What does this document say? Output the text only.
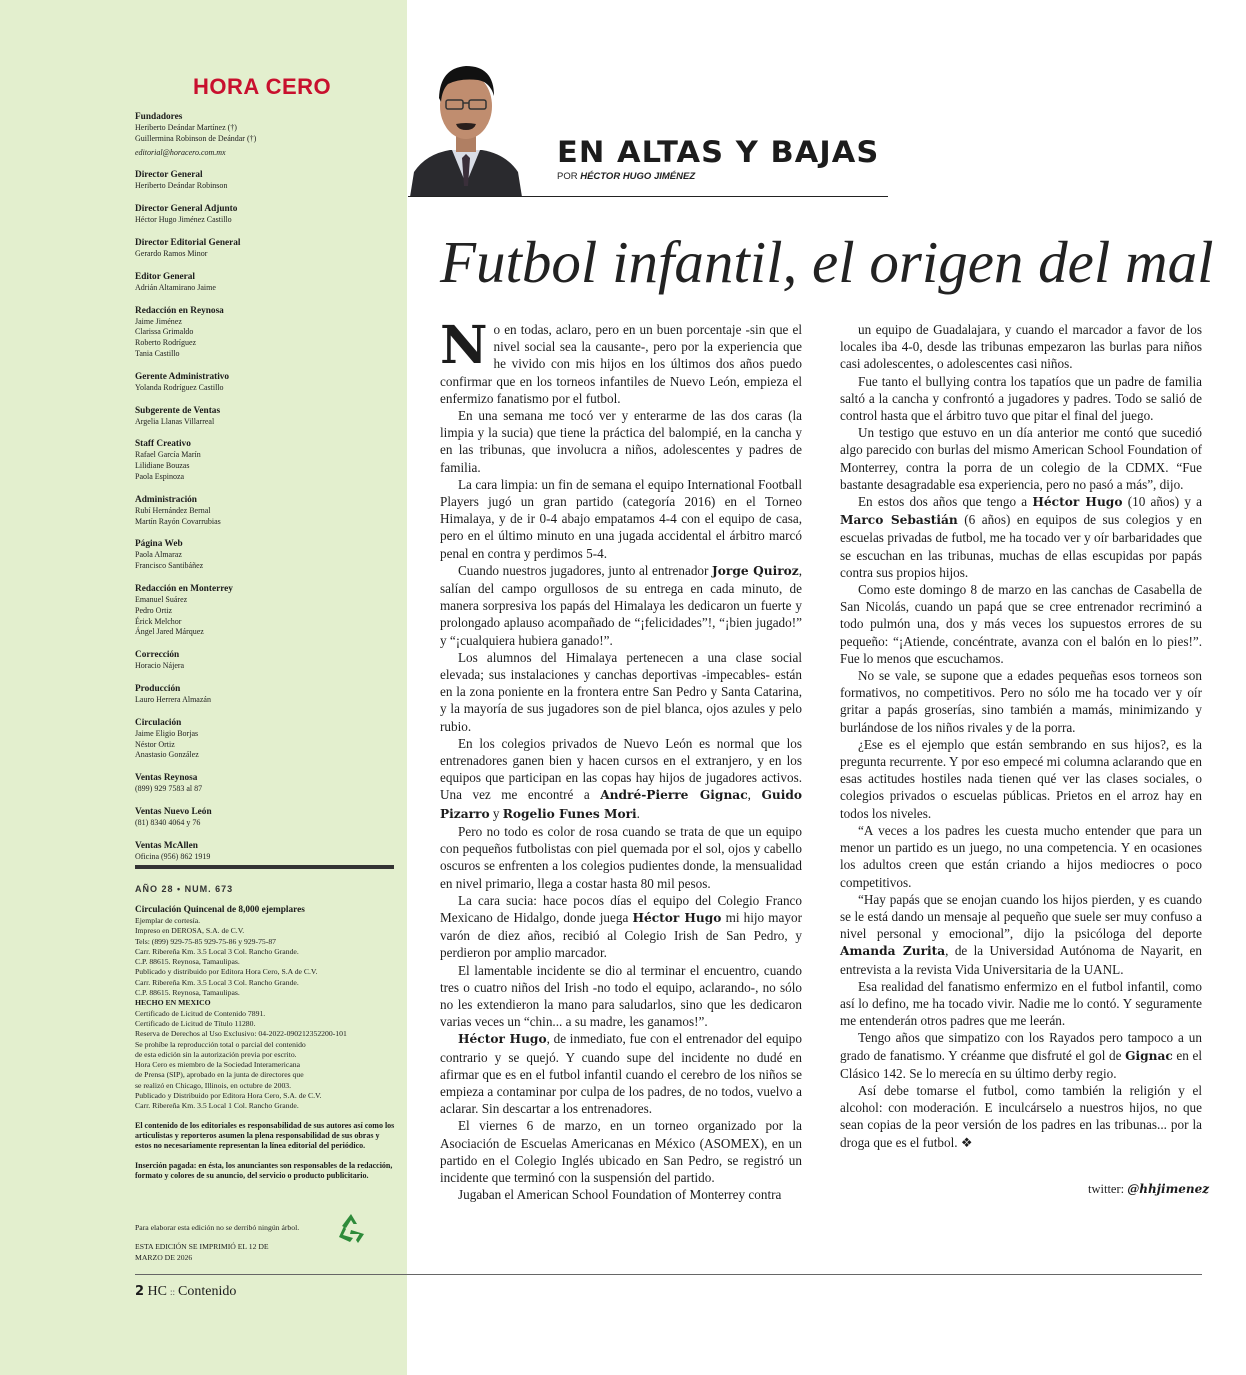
HORA CERO
Fundadores
Heriberto Deándar Martínez (†)
Guillermina Robinson de Deándar (†)
editorial@horacero.com.mx
Director General
Heriberto Deándar Robinson
Director General Adjunto
Héctor Hugo Jiménez Castillo
Director Editorial General
Gerardo Ramos Minor
Editor General
Adrián Altamirano Jaime
Redacción en Reynosa
Jaime Jiménez
Clarissa Grimaldo
Roberto Rodríguez
Tania Castillo
Gerente Administrativo
Yolanda Rodríguez Castillo
Subgerente de Ventas
Argelia Llanas Villarreal
Staff Creativo
Rafael García Marín
Lilidiane Bouzas
Paola Espinoza
Administración
Rubí Hernández Bernal
Martín Rayón Covarrubias
Página Web
Paola Almaraz
Francisco Santibáñez
Redacción en Monterrey
Emanuel Suárez
Pedro Ortiz
Érick Melchor
Ángel Jared Márquez
Corrección
Horacio Nájera
Producción
Lauro Herrera Almazán
Circulación
Jaime Eligio Borjas
Néstor Ortiz
Anastasio González
Ventas Reynosa
(899) 929 7583 al 87
Ventas Nuevo León
(81) 8340 4064 y 76
Ventas McAllen
Oficina (956) 862 1919
AÑO 28 • NUM. 673
Circulación Quincenal de 8,000 ejemplares
Ejemplar de cortesía.
Impreso en DEROSA, S.A. de C.V.
Tels: (899) 929-75-85 929-75-86 y 929-75-87
Carr. Ribereña Km. 3.5 Local 3 Col. Rancho Grande.
C.P. 88615. Reynosa, Tamaulipas.
Publicado y distribuido por Editora Hora Cero, S.A de C.V.
Carr. Ribereña Km. 3.5 Local 3 Col. Rancho Grande.
C.P. 88615. Reynosa, Tamaulipas.
HECHO EN MEXICO
Certificado de Licitud de Contenido 7891.
Certificado de Licitud de Título 11280.
Reserva de Derechos al Uso Exclusivo: 04-2022-090212352200-101
Se prohíbe la reproducción total o parcial del contenido
de esta edición sin la autorización previa por escrito.
Hora Cero es miembro de la Sociedad Interamericana
de Prensa (SIP), aprobado en la junta de directores que
se realizó en Chicago, Illinois, en octubre de 2003.
Publicado y Distribuido por Editora Hora Cero, S.A. de C.V.
Carr. Ribereña Km. 3.5 Local 1 Col. Rancho Grande.
El contenido de los editoriales es responsabilidad de sus autores así como los articulistas y reporteros asumen la plena responsabilidad de sus obras y estos no necesariamente representan la línea editorial del periódico.
Inserción pagada: en ésta, los anunciantes son responsables de la redacción, formato y colores de su anuncio, del servicio o producto publicitario.
Para elaborar esta edición no se derribó ningún árbol.
ESTA EDICIÓN SE IMPRIMIÓ EL 12 DE MARZO DE 2026
EN ALTAS Y BAJAS
POR HÉCTOR HUGO JIMÉNEZ
Futbol infantil, el origen del mal

No en todas, aclaro, pero en un buen porcentaje -sin que el nivel social sea la causante-, pero por la experiencia que he vivido con mis hijos en los últimos dos años puedo confirmar que en los torneos infantiles de Nuevo León, empieza el enfermizo fanatismo por el futbol.

En una semana me tocó ver y enterarme de las dos caras (la limpia y la sucia) que tiene la práctica del balompié, en la cancha y en las tribunas, que involucra a niños, adolescentes y padres de familia.

La cara limpia: un fin de semana el equipo International Football Players jugó un gran partido (categoría 2016) en el Torneo Himalaya, y de ir 0-4 abajo empatamos 4-4 con el equipo de casa, pero en el último minuto en una jugada accidental el árbitro marcó penal en contra y perdimos 5-4.

Cuando nuestros jugadores, junto al entrenador Jorge Quiroz, salían del campo orgullosos de su entrega en cada minuto, de manera sorpresiva los papás del Himalaya les dedicaron un fuerte y prolongado aplauso acompañado de “¡felicidades”!, “¡bien jugado!” y “¡cualquiera hubiera ganado!”.

Los alumnos del Himalaya pertenecen a una clase social elevada; sus instalaciones y canchas deportivas -impecables- están en la zona poniente en la frontera entre San Pedro y Santa Catarina, y la mayoría de sus jugadores son de piel blanca, ojos azules y pelo rubio.

En los colegios privados de Nuevo León es normal que los entrenadores ganen bien y hacen cursos en el extranjero, y en los equipos que participan en las copas hay hijos de jugadores activos. Una vez me encontré a André-Pierre Gignac, Guido Pizarro y Rogelio Funes Mori.

Pero no todo es color de rosa cuando se trata de que un equipo con pequeños futbolistas con piel quemada por el sol, ojos y cabello oscuros se enfrenten a los colegios pudientes donde, la mensualidad en nivel primario, llega a costar hasta 80 mil pesos.

La cara sucia: hace pocos días el equipo del Colegio Franco Mexicano de Hidalgo, donde juega Héctor Hugo mi hijo mayor varón de diez años, recibió al Colegio Irish de San Pedro, y perdieron por amplio marcador.

El lamentable incidente se dio al terminar el encuentro, cuando tres o cuatro niños del Irish -no todo el equipo, aclarando-, no sólo no les extendieron la mano para saludarlos, sino que les dedicaron varias veces un “chin... a su madre, les ganamos!”.

Héctor Hugo, de inmediato, fue con el entrenador del equipo contrario y se quejó. Y cuando supe del incidente no dudé en afirmar que es en el futbol infantil cuando el cerebro de los niños se empieza a contaminar por culpa de los padres, de no todos, vuelvo a aclarar. Sin descartar a los entrenadores.

El viernes 6 de marzo, en un torneo organizado por la Asociación de Escuelas Americanas en México (ASOMEX), en un partido en el Colegio Inglés ubicado en San Pedro, se registró un incidente que terminó con la suspensión del partido.

Jugaban el American School Foundation of Monterrey contra

un equipo de Guadalajara, y cuando el marcador a favor de los locales iba 4-0, desde las tribunas empezaron las burlas para niños casi adolescentes, o adolescentes casi niños.

Fue tanto el bullying contra los tapatíos que un padre de familia saltó a la cancha y confrontó a jugadores y padres. Todo se salió de control hasta que el árbitro tuvo que pitar el final del juego.

Un testigo que estuvo en un día anterior me contó que sucedió algo parecido con burlas del mismo American School Foundation of Monterrey, contra la porra de un colegio de la CDMX. “Fue bastante desagradable esa experiencia, pero no pasó a más”, dijo.

En estos dos años que tengo a Héctor Hugo (10 años) y a Marco Sebastián (6 años) en equipos de sus colegios y en escuelas privadas de futbol, me ha tocado ver y oír barbaridades que se escuchan en las tribunas, muchas de ellas escupidas por papás contra sus propios hijos.

Como este domingo 8 de marzo en las canchas de Casabella de San Nicolás, cuando un papá que se cree entrenador recriminó a todo pulmón una, dos y más veces los supuestos errores de su pequeño: “¡Atiende, concéntrate, avanza con el balón en lo pies!”. Fue lo menos que escuchamos.

No se vale, se supone que a edades pequeñas esos torneos son formativos, no competitivos. Pero no sólo me ha tocado ver y oír gritar a papás groserías, sino también a mamás, minimizando y burlándose de los niños rivales y de la porra.

¿Ese es el ejemplo que están sembrando en sus hijos?, es la pregunta recurrente. Y por eso empecé mi columna aclarando que en esas actitudes hostiles nada tienen qué ver las clases sociales, o colegios privados o escuelas públicas. Prietos en el arroz hay en todos los niveles.

“A veces a los padres les cuesta mucho entender que para un menor un partido es un juego, no una competencia. Y en ocasiones los adultos creen que están criando a hijos mediocres o poco competitivos.

“Hay papás que se enojan cuando los hijos pierden, y es cuando se le está dando un mensaje al pequeño que suele ser muy confuso a nivel personal y emocional”, dijo la psicóloga del deporte Amanda Zurita, de la Universidad Autónoma de Nayarit, en entrevista a la revista Vida Universitaria de la UANL.

Esa realidad del fanatismo enfermizo en el futbol infantil, como así lo defino, me ha tocado vivir. Nadie me lo contó. Y seguramente me entenderán otros padres que me leerán.

Tengo años que simpatizo con los Rayados pero tampoco a un grado de fanatismo. Y créanme que disfruté el gol de Gignac en el Clásico 142. Se lo merecía en su último derby regio.

Así debe tomarse el futbol, como también la religión y el alcohol: con moderación. E inculcárselo a nuestros hijos, no que sean copias de la peor versión de los padres en las tribunas... por la droga que es el futbol. ❖

twitter: @hhjimenez
2 HC :: Contenido
